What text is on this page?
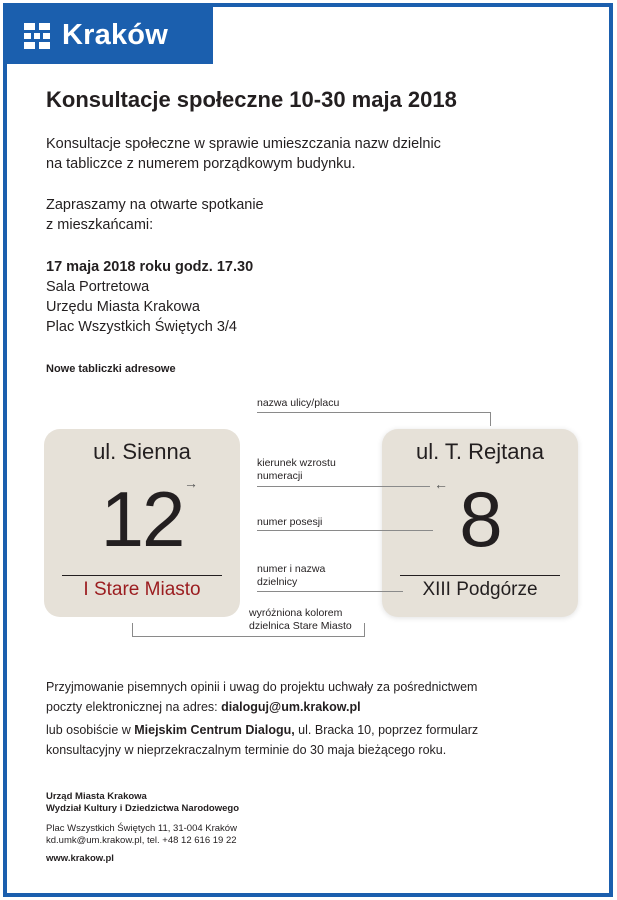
Kraków
Konsultacje społeczne 10-30 maja 2018
Konsultacje społeczne w sprawie umieszczania nazw dzielnic
na tabliczce z numerem porządkowym budynku.
Zapraszamy na otwarte spotkanie
z mieszkańcami:
17 maja 2018 roku godz. 17.30
Sala Portretowa
Urzędu Miasta Krakowa
Plac Wszystkich Świętych 3/4
Nowe tabliczki adresowe
ul. Sienna
12
I Stare Miasto
→
ul. T. Rejtana
8
XIII Podgórze
←
nazwa ulicy/placu
kierunek wzrostu
numeracji
numer posesji
numer i nazwa
dzielnicy
wyróżniona kolorem
dzielnica Stare Miasto
Przyjmowanie pisemnych opinii i uwag do projektu uchwały za pośrednictwem
poczty elektronicznej na adres: dialoguj@um.krakow.pl
lub osobiście w Miejskim Centrum Dialogu, ul. Bracka 10, poprzez formularz
konsultacyjny w nieprzekraczalnym terminie do 30 maja bieżącego roku.
Urząd Miasta Krakowa
Wydział Kultury i Dziedzictwa Narodowego
Plac Wszystkich Świętych 11, 31-004 Kraków
kd.umk@um.krakow.pl, tel. +48 12 616 19 22
www.krakow.pl
